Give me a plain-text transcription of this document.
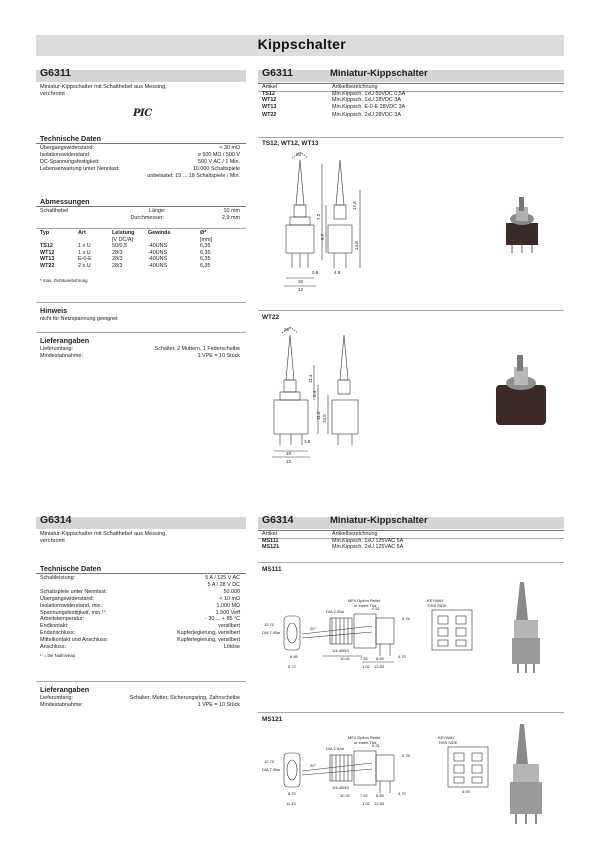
Kippschalter
G6311
Miniatur-Kippschalter mit Schalthebel aus Messing, verchromt
PIC
Technische Daten
Übergangswiderstand:	< 30 mΩ
Isolationswiderstand:	≥ 500 MΩ / 500 V
DC-Spannungsfestigkeit:	500 V AC / 1 Min.
Lebenserwartung unter Nennlast:	10.000 Schaltspiele
unbelastet: 15 ... 18 Schaltspiele / Min.
Abmessungen
Schalthebel	Länge:	10 mm
Durchmesser:	2,9 mm
Typ	Art	Leistung	Gewinde	Ø*
		[V DC/A]		[mm]
TS12	1 x U	50/0,5	-40UNS	6,35
WT12	1 x U	28/3	-40UNS	6,35
WT13	E-0-E	28/3	-40UNS	6,35
WT22	2 x U	28/3	-40UNS	6,35
* max. Gehäusebohrung
Hinweis
nicht für Netzspannung geeignet
Lieferangaben
Lieferumfang:	Schalter, 2 Muttern, 1 Federscheibe
Mindestabnahme:	1 VPE = 10 Stück
G6311	Miniatur-Kippschalter
Artikel	Artikelbezeichnung
TS12	Min.Kippsch. 1xU 50VDC 0,5A
WT12	Min.Kippsch. 1xU 28VDC 3A
WT13	Min.Kippsch. E-0-E 28VDC 3A
WT22	Min.Kippsch. 2xU 28VDC 3A
TS12, WT12, WT13
26°
17.6
7.2
9.7
14.8
0.8
10
13
4.8
WT22
26°
11.4
5.4
11.2 15.5
1.5
10
13
G6314
Miniatur-Kippschalter mit Schalthebel aus Messing, verchromt
Technische Daten
Schaltleistung:	5 A / 125 V AC
5 A / 28 V DC
Schaltspiele unter Nennlast:	50.000
Übergangswiderstand:	< 10 mΩ
Isolationswiderstand, min.:	1.000 MΩ
Spannungsfestigkeit, min.¹⁾:	1.500 Veff
Arbeitstemperatur:	- 30 ... + 85 °C
Endkontakt:	versilbert
Endanschluss:	Kupferlegierung, versilbert
Mittelkontakt und Anschluss:	Kupferlegierung, versilbert
Anschluss:	Lötöse
¹⁾ = bei Nullniveau
Lieferangaben
Lieferumfang:	Schalter, Mutter, Sicherungsring, Zahnscheibe
Mindestabnahme:	1 VPE = 10 Stück
G6314	Miniatur-Kippschalter
Artikel	Artikelbezeichnung
MS111	Min.Kippsch. 1xU 125VAC 5A
MS121	Min.Kippsch. 2xU 125VAC 5A
MS111
MF4 Option Relief
or insert Thd
KEYWAY
THIS SIDE
DIA 2.92ø
1/4-40NS
12.70
DIA 7.95ø
6.86
5.72
10.41 7.52 8.89	4.70
1.02 12.83
0.76
0.51
20°
MS121
MF4 Option Relief
or insert Thd
KEYWAY
THIS SIDE
DIA 2.92ø
1/4-40NS
12.70
DIA 7.95ø
8.70
11.43
10.41 7.52 8.89	4.70
1.02 12.83
0.76
4.93
0.31
20°
